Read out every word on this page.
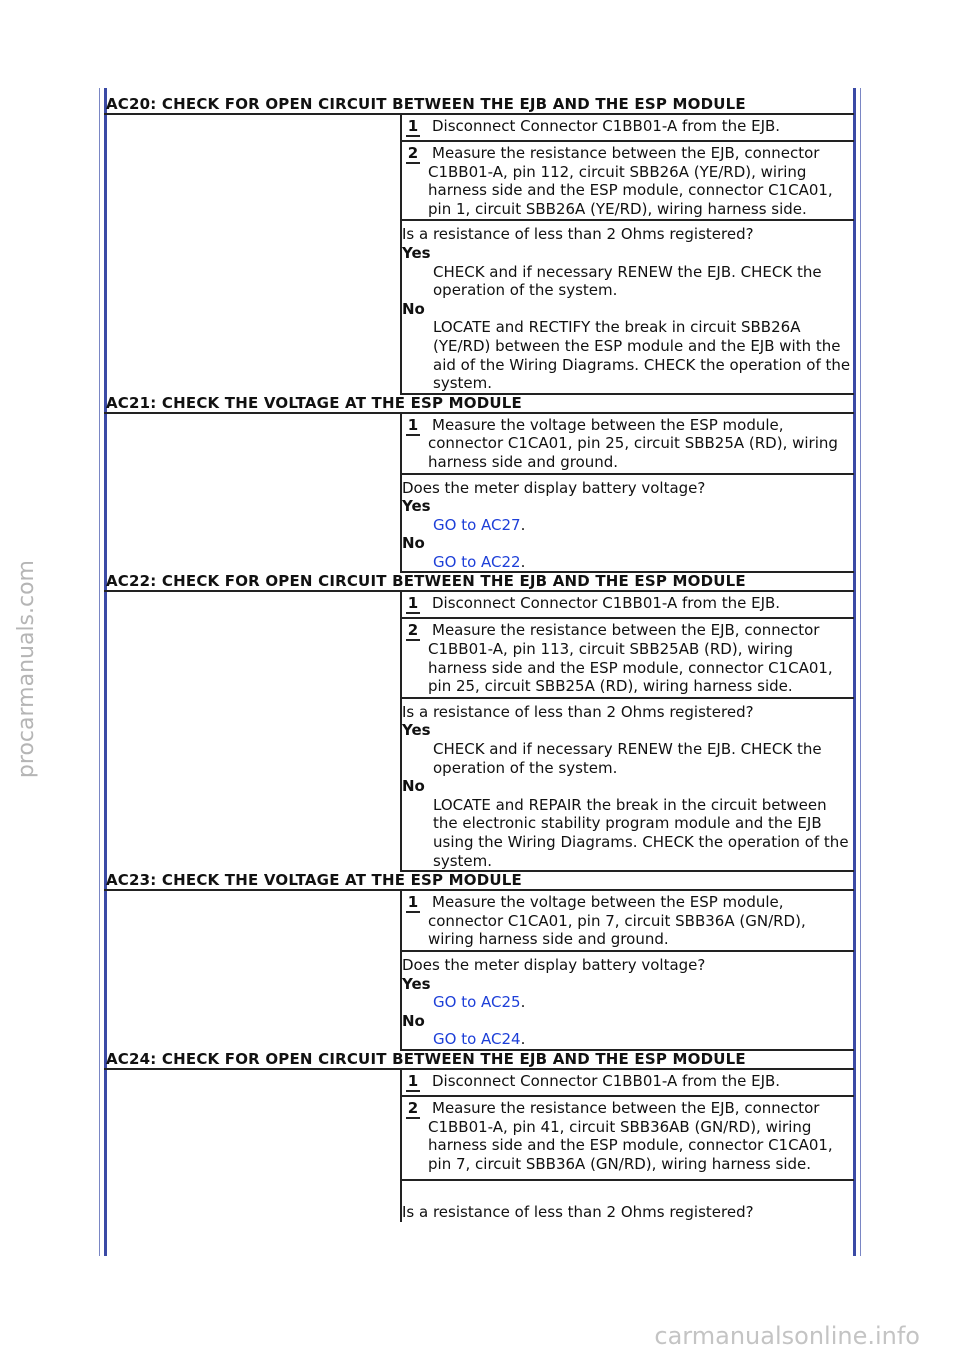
procarmanuals.com
carmanualsonline.info
AC20: CHECK FOR OPEN CIRCUIT BETWEEN THE EJB AND THE ESP MODULE
1 Disconnect Connector C1BB01-A from the EJB.
2 Measure the resistance between the EJB, connector
C1BB01-A, pin 112, circuit SBB26A (YE/RD), wiring harness side and the ESP module, connector C1CA01, pin 1, circuit SBB26A (YE/RD), wiring harness side.
Is a resistance of less than 2 Ohms registered?
Yes
CHECK and if necessary RENEW the EJB. CHECK the operation of the system.
No
LOCATE and RECTIFY the break in circuit SBB26A (YE/RD) between the ESP module and the EJB with the aid of the Wiring Diagrams. CHECK the operation of the system.
AC21: CHECK THE VOLTAGE AT THE ESP MODULE
1 Measure the voltage between the ESP module,
connector C1CA01, pin 25, circuit SBB25A (RD), wiring harness side and ground.
Does the meter display battery voltage?
Yes
GO to AC27.
No
GO to AC22.
AC22: CHECK FOR OPEN CIRCUIT BETWEEN THE EJB AND THE ESP MODULE
1 Disconnect Connector C1BB01-A from the EJB.
2 Measure the resistance between the EJB, connector
C1BB01-A, pin 113, circuit SBB25AB (RD), wiring harness side and the ESP module, connector C1CA01, pin 25, circuit SBB25A (RD), wiring harness side.
Is a resistance of less than 2 Ohms registered?
Yes
CHECK and if necessary RENEW the EJB. CHECK the operation of the system.
No
LOCATE and REPAIR the break in the circuit between the electronic stability program module and the EJB using the Wiring Diagrams. CHECK the operation of the system.
AC23: CHECK THE VOLTAGE AT THE ESP MODULE
1 Measure the voltage between the ESP module,
connector C1CA01, pin 7, circuit SBB36A (GN/RD), wiring harness side and ground.
Does the meter display battery voltage?
Yes
GO to AC25.
No
GO to AC24.
AC24: CHECK FOR OPEN CIRCUIT BETWEEN THE EJB AND THE ESP MODULE
1 Disconnect Connector C1BB01-A from the EJB.
2 Measure the resistance between the EJB, connector
C1BB01-A, pin 41, circuit SBB36AB (GN/RD), wiring harness side and the ESP module, connector C1CA01, pin 7, circuit SBB36A (GN/RD), wiring harness side.
Is a resistance of less than 2 Ohms registered?
